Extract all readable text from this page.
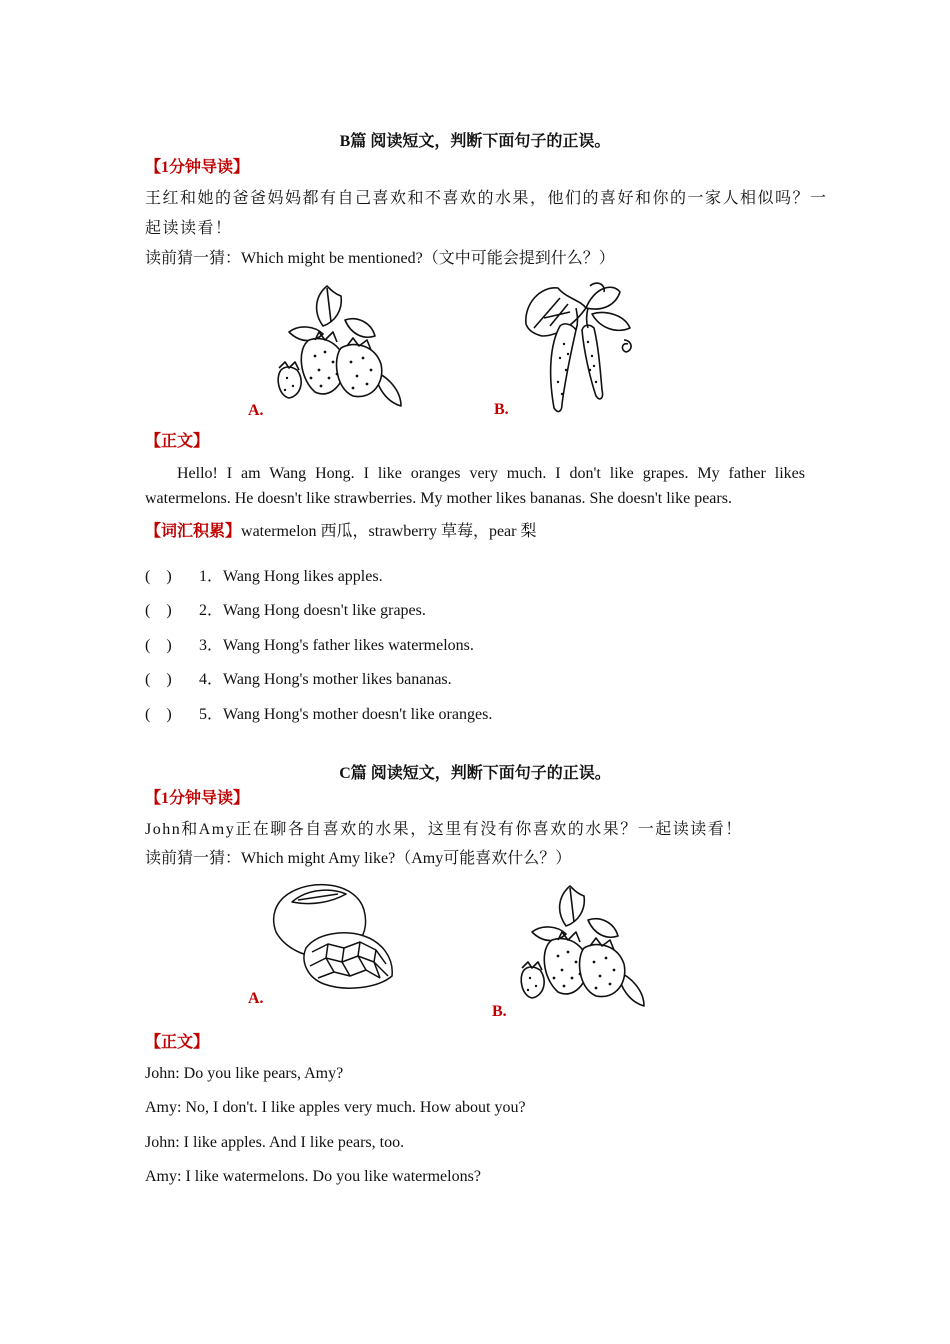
B篇 阅读短文，判断下面句子的正误。
【1分钟导读】
王红和她的爸爸妈妈都有自己喜欢和不喜欢的水果，他们的喜好和你的一家人相似吗？一
起读读看！
读前猜一猜：Which might be mentioned?（文中可能会提到什么？）
A.	B.
【正文】
Hello! I am Wang Hong. I like oranges very much. I don't like grapes. My father likes watermelons. He doesn't like strawberries. My mother likes bananas. She doesn't like pears.
【词汇积累】watermelon 西瓜，strawberry 草莓，pear 梨
(　) 1．Wang Hong likes apples.
(　) 2．Wang Hong doesn't like grapes.
(　) 3．Wang Hong's father likes watermelons.
(　) 4．Wang Hong's mother likes bananas.
(　) 5．Wang Hong's mother doesn't like oranges.
C篇 阅读短文，判断下面句子的正误。
【1分钟导读】
John和Amy正在聊各自喜欢的水果，这里有没有你喜欢的水果？一起读读看！
读前猜一猜：Which might Amy like?（Amy可能喜欢什么？）
A.
B.
【正文】
John: Do you like pears, Amy?
Amy: No, I don't. I like apples very much. How about you?
John: I like apples. And I like pears, too.
Amy: I like watermelons. Do you like watermelons?
